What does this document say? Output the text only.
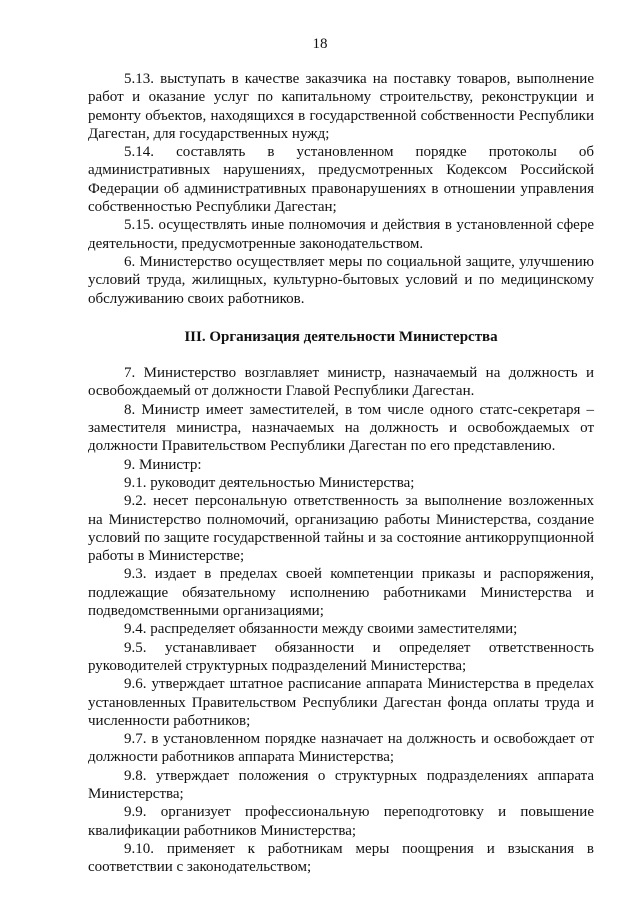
18

5.13. выступать в качестве заказчика на поставку товаров, выполнение работ и оказание услуг по капитальному строительству, реконструкции и ремонту объектов, находящихся в государственной собственности Республики Дагестан, для государственных нужд;

5.14. составлять в установленном порядке протоколы об административных нарушениях, предусмотренных Кодексом Российской Федерации об административных правонарушениях в отношении управления собственностью Республики Дагестан;

5.15. осуществлять иные полномочия и действия в установленной сфере деятельности, предусмотренные законодательством.

6. Министерство осуществляет меры по социальной защите, улучшению условий труда, жилищных, культурно-бытовых условий и по медицинскому обслуживанию своих работников.

III. Организация деятельности Министерства

7. Министерство возглавляет министр, назначаемый на должность и освобождаемый от должности Главой Республики Дагестан.

8. Министр имеет заместителей, в том числе одного статс-секретаря – заместителя министра, назначаемых на должность и освобождаемых от должности Правительством Республики Дагестан по его представлению.

9. Министр:

9.1. руководит деятельностью Министерства;

9.2. несет персональную ответственность за выполнение возложенных на Министерство полномочий, организацию работы Министерства, создание условий по защите государственной тайны и за состояние антикоррупционной работы в Министерстве;

9.3. издает в пределах своей компетенции приказы и распоряжения, подлежащие обязательному исполнению работниками Министерства и подведомственными организациями;

9.4. распределяет обязанности между своими заместителями;

9.5. устанавливает обязанности и определяет ответственность руководителей структурных подразделений Министерства;

9.6. утверждает штатное расписание аппарата Министерства в пределах установленных Правительством Республики Дагестан фонда оплаты труда и численности работников;

9.7. в установленном порядке назначает на должность и освобождает от должности работников аппарата Министерства;

9.8. утверждает положения о структурных подразделениях аппарата Министерства;

9.9. организует профессиональную переподготовку и повышение квалификации работников Министерства;

9.10. применяет к работникам меры поощрения и взыскания в соответствии с законодательством;
